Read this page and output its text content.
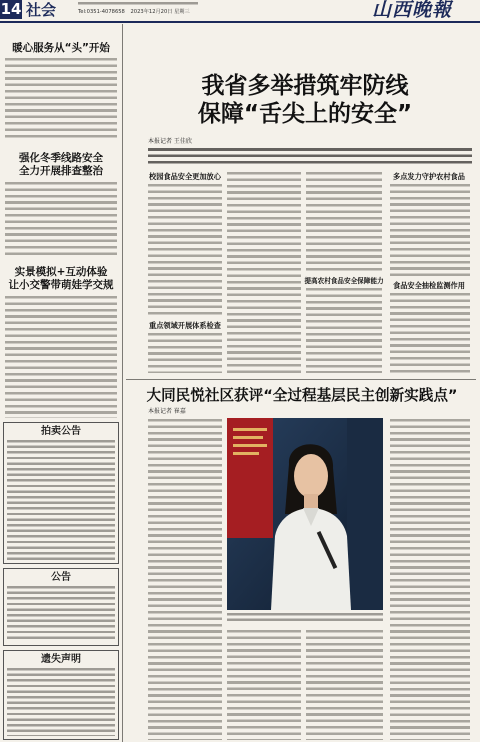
14 社会	Tel:0351-4078658 2023年12月20日 星期三	山西晚報
暖心服务从“头”开始
强化冬季线路安全
全力开展排查整治
实景模拟+互动体验
让小交警带萌娃学交规
拍卖公告
公告
遗失声明
我省多举措筑牢防线
保障“舌尖上的安全”
本报记者 王佳欣
校园食品安全更加放心
重点领域开展体系检查
提高农村食品安全保障能力
多点发力守护农村食品
食品安全抽检监测作用
大同民悦社区获评“全过程基层民主创新实践点”
本报记者 崔嘉
